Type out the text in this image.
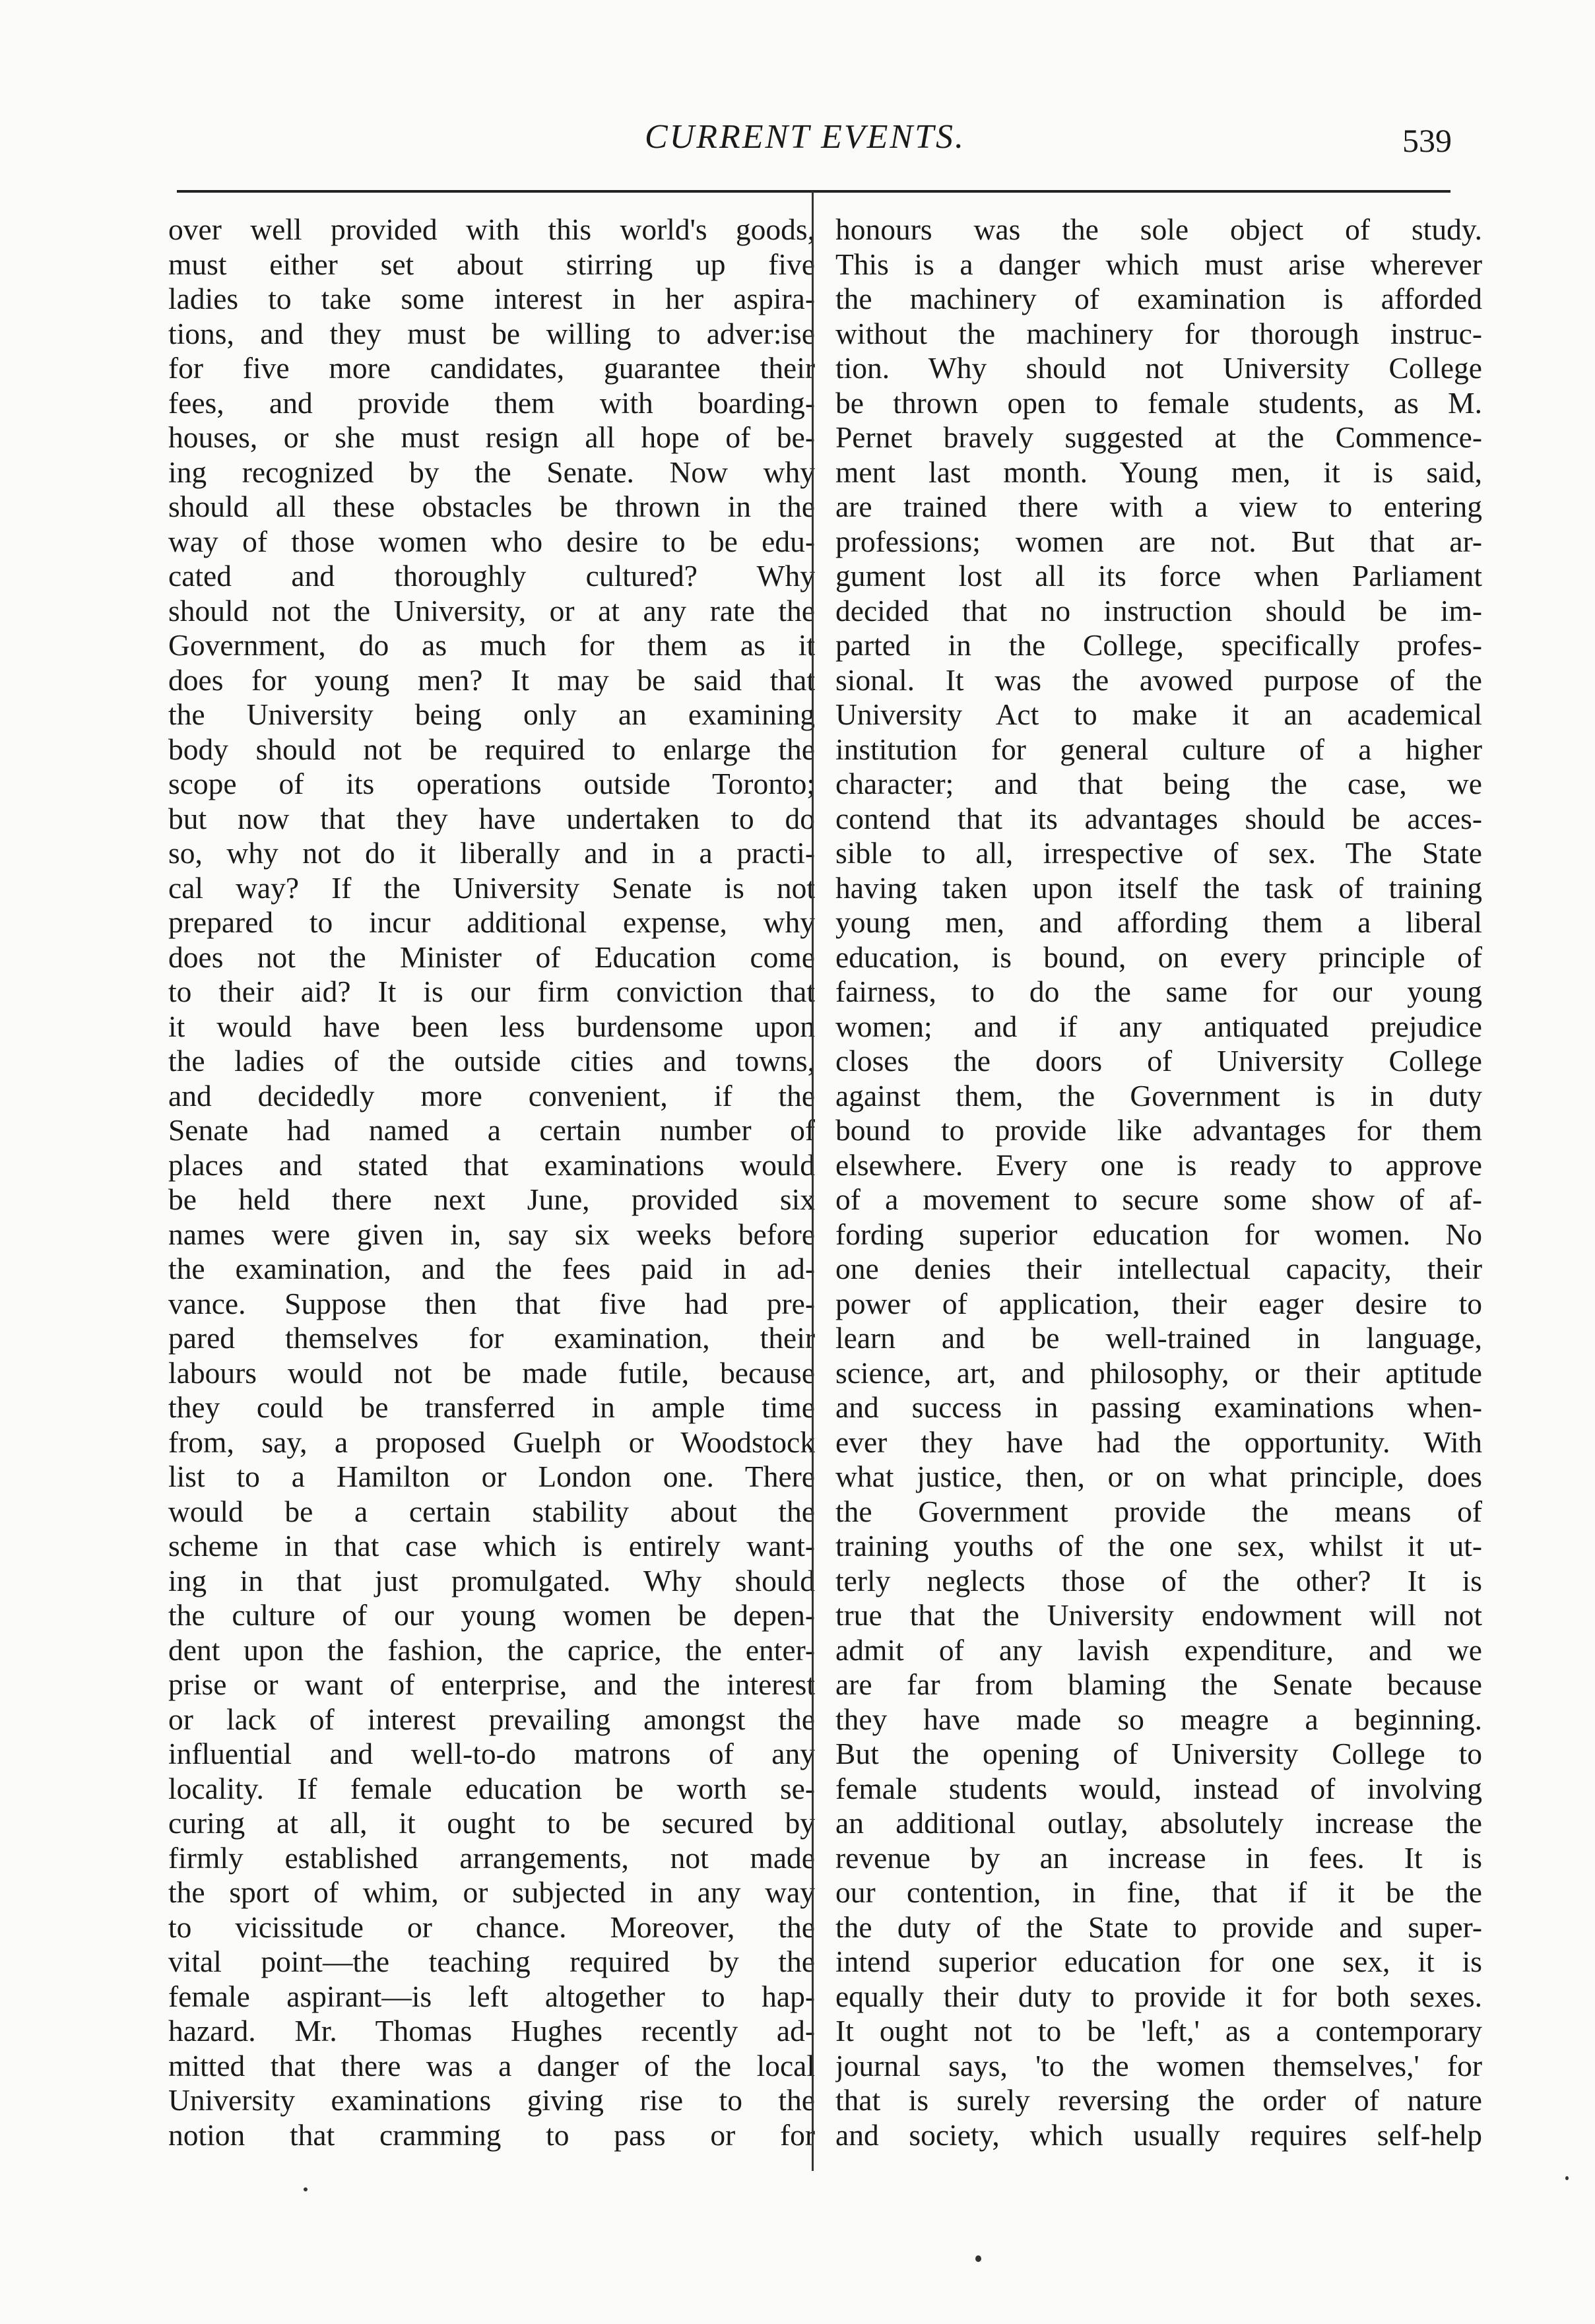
CURRENT EVENTS.	539
over well provided with this world's goods,
must either set about stirring up five
ladies to take some interest in her aspira-
tions, and they must be willing to adver:ise
for five more candidates, guarantee their
fees, and provide them with boarding-
houses, or she must resign all hope of be-
ing recognized by the Senate. Now why
should all these obstacles be thrown in the
way of those women who desire to be edu-
cated and thoroughly cultured? Why
should not the University, or at any rate the
Government, do as much for them as it
does for young men? It may be said that
the University being only an examining
body should not be required to enlarge the
scope of its operations outside Toronto;
but now that they have undertaken to do
so, why not do it liberally and in a practi-
cal way? If the University Senate is not
prepared to incur additional expense, why
does not the Minister of Education come
to their aid? It is our firm conviction that
it would have been less burdensome upon
the ladies of the outside cities and towns,
and decidedly more convenient, if the
Senate had named a certain number of
places and stated that examinations would
be held there next June, provided six
names were given in, say six weeks before
the examination, and the fees paid in ad-
vance. Suppose then that five had pre-
pared themselves for examination, their
labours would not be made futile, because
they could be transferred in ample time
from, say, a proposed Guelph or Woodstock
list to a Hamilton or London one. There
would be a certain stability about the
scheme in that case which is entirely want-
ing in that just promulgated. Why should
the culture of our young women be depen-
dent upon the fashion, the caprice, the enter-
prise or want of enterprise, and the interest
or lack of interest prevailing amongst the
influential and well-to-do matrons of any
locality. If female education be worth se-
curing at all, it ought to be secured by
firmly established arrangements, not made
the sport of whim, or subjected in any way
to vicissitude or chance. Moreover, the
vital point—the teaching required by the
female aspirant—is left altogether to hap-
hazard. Mr. Thomas Hughes recently ad-
mitted that there was a danger of the local
University examinations giving rise to the
notion that cramming to pass or for
honours was the sole object of study.
This is a danger which must arise wherever
the machinery of examination is afforded
without the machinery for thorough instruc-
tion. Why should not University College
be thrown open to female students, as M.
Pernet bravely suggested at the Commence-
ment last month. Young men, it is said,
are trained there with a view to entering
professions; women are not. But that ar-
gument lost all its force when Parliament
decided that no instruction should be im-
parted in the College, specifically profes-
sional. It was the avowed purpose of the
University Act to make it an academical
institution for general culture of a higher
character; and that being the case, we
contend that its advantages should be acces-
sible to all, irrespective of sex. The State
having taken upon itself the task of training
young men, and affording them a liberal
education, is bound, on every principle of
fairness, to do the same for our young
women; and if any antiquated prejudice
closes the doors of University College
against them, the Government is in duty
bound to provide like advantages for them
elsewhere. Every one is ready to approve
of a movement to secure some show of af-
fording superior education for women. No
one denies their intellectual capacity, their
power of application, their eager desire to
learn and be well-trained in language,
science, art, and philosophy, or their aptitude
and success in passing examinations when-
ever they have had the opportunity. With
what justice, then, or on what principle, does
the Government provide the means of
training youths of the one sex, whilst it ut-
terly neglects those of the other? It is
true that the University endowment will not
admit of any lavish expenditure, and we
are far from blaming the Senate because
they have made so meagre a beginning.
But the opening of University College to
female students would, instead of involving
an additional outlay, absolutely increase the
revenue by an increase in fees. It is
our contention, in fine, that if it be the
the duty of the State to provide and super-
intend superior education for one sex, it is
equally their duty to provide it for both sexes.
It ought not to be 'left,' as a contemporary
journal says, 'to the women themselves,' for
that is surely reversing the order of nature
and society, which usually requires self-help
